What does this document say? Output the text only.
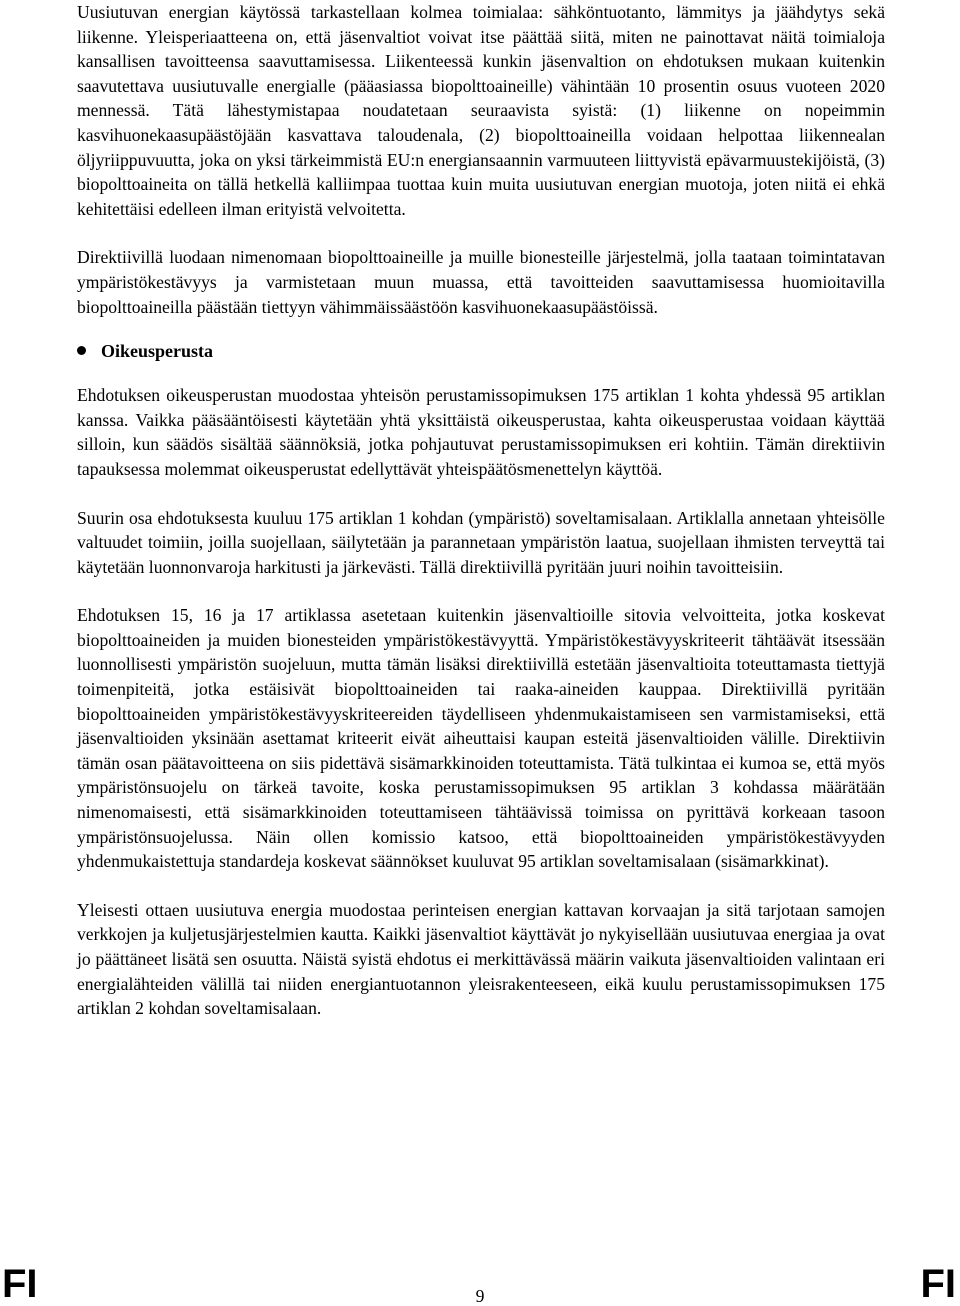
Uusiutuvan energian käytössä tarkastellaan kolmea toimialaa: sähköntuotanto, lämmitys ja jäähdytys sekä liikenne. Yleisperiaatteena on, että jäsenvaltiot voivat itse päättää siitä, miten ne painottavat näitä toimialoja kansallisen tavoitteensa saavuttamisessa. Liikenteessä kunkin jäsenvaltion on ehdotuksen mukaan kuitenkin saavutettava uusiutuvalle energialle (pääasiassa biopolttoaineille) vähintään 10 prosentin osuus vuoteen 2020 mennessä. Tätä lähestymistapaa noudatetaan seuraavista syistä: (1) liikenne on nopeimmin kasvihuonekaasupäästöjään kasvattava taloudenala, (2) biopolttoaineilla voidaan helpottaa liikennealan öljyriippuvuutta, joka on yksi tärkeimmistä EU:n energiansaannin varmuuteen liittyvistä epävarmuustekijöistä, (3) biopolttoaineita on tällä hetkellä kalliimpaa tuottaa kuin muita uusiutuvan energian muotoja, joten niitä ei ehkä kehitettäisi edelleen ilman erityistä velvoitetta.

Direktiivillä luodaan nimenomaan biopolttoaineille ja muille bionesteille järjestelmä, jolla taataan toimintatavan ympäristökestävyys ja varmistetaan muun muassa, että tavoitteiden saavuttamisessa huomioitavilla biopolttoaineilla päästään tiettyyn vähimmäissäästöön kasvihuonekaasupäästöissä.

Oikeusperusta

Ehdotuksen oikeusperustan muodostaa yhteisön perustamissopimuksen 175 artiklan 1 kohta yhdessä 95 artiklan kanssa. Vaikka pääsääntöisesti käytetään yhtä yksittäistä oikeusperustaa, kahta oikeusperustaa voidaan käyttää silloin, kun säädös sisältää säännöksiä, jotka pohjautuvat perustamissopimuksen eri kohtiin. Tämän direktiivin tapauksessa molemmat oikeusperustat edellyttävät yhteispäätösmenettelyn käyttöä.

Suurin osa ehdotuksesta kuuluu 175 artiklan 1 kohdan (ympäristö) soveltamisalaan. Artiklalla annetaan yhteisölle valtuudet toimiin, joilla suojellaan, säilytetään ja parannetaan ympäristön laatua, suojellaan ihmisten terveyttä tai käytetään luonnonvaroja harkitusti ja järkevästi. Tällä direktiivillä pyritään juuri noihin tavoitteisiin.

Ehdotuksen 15, 16 ja 17 artiklassa asetetaan kuitenkin jäsenvaltioille sitovia velvoitteita, jotka koskevat biopolttoaineiden ja muiden bionesteiden ympäristökestävyyttä. Ympäristökestävyyskriteerit tähtäävät itsessään luonnollisesti ympäristön suojeluun, mutta tämän lisäksi direktiivillä estetään jäsenvaltioita toteuttamasta tiettyjä toimenpiteitä, jotka estäisivät biopolttoaineiden tai raaka-aineiden kauppaa. Direktiivillä pyritään biopolttoaineiden ympäristökestävyyskriteereiden täydelliseen yhdenmukaistamiseen sen varmistamiseksi, että jäsenvaltioiden yksinään asettamat kriteerit eivät aiheuttaisi kaupan esteitä jäsenvaltioiden välille. Direktiivin tämän osan päätavoitteena on siis pidettävä sisämarkkinoiden toteuttamista. Tätä tulkintaa ei kumoa se, että myös ympäristönsuojelu on tärkeä tavoite, koska perustamissopimuksen 95 artiklan 3 kohdassa määrätään nimenomaisesti, että sisämarkkinoiden toteuttamiseen tähtäävissä toimissa on pyrittävä korkeaan tasoon ympäristönsuojelussa. Näin ollen komissio katsoo, että biopolttoaineiden ympäristökestävyyden yhdenmukaistettuja standardeja koskevat säännökset kuuluvat 95 artiklan soveltamisalaan (sisämarkkinat).

Yleisesti ottaen uusiutuva energia muodostaa perinteisen energian kattavan korvaajan ja sitä tarjotaan samojen verkkojen ja kuljetusjärjestelmien kautta. Kaikki jäsenvaltiot käyttävät jo nykyisellään uusiutuvaa energiaa ja ovat jo päättäneet lisätä sen osuutta. Näistä syistä ehdotus ei merkittävässä määrin vaikuta jäsenvaltioiden valintaan eri energialähteiden välillä tai niiden energiantuotannon yleisrakenteeseen, eikä kuulu perustamissopimuksen 175 artiklan 2 kohdan soveltamisalaan.

FI	9	FI
